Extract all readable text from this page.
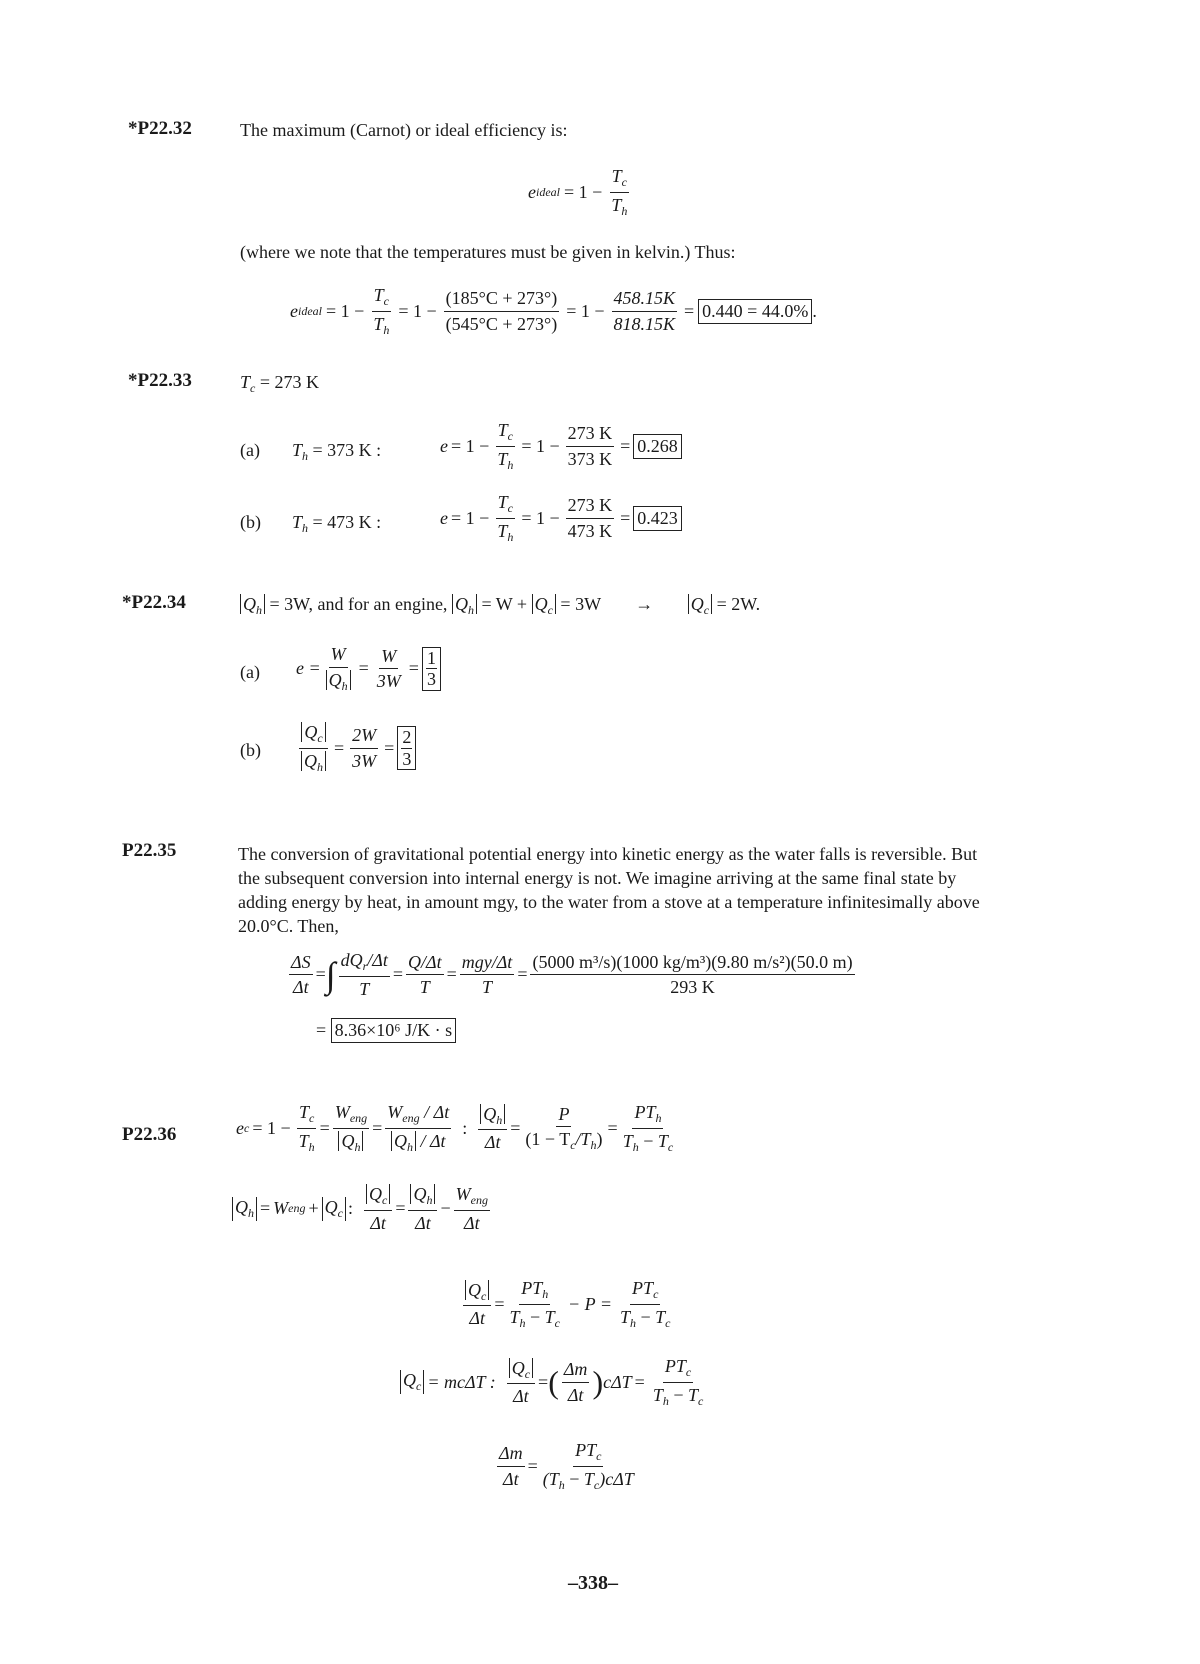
*P22.32	The maximum (Carnot) or ideal efficiency is:
e ideal = $1 - \frac{T_c}{T_h}$
(where we note that the temperatures must be given in kelvin.) Thus:
e ideal = $1 - \frac{T_c}{T_h} = 1 - \frac{(185^\circ C + 273^\circ)}{(545^\circ C + 273^\circ)} = 1 - \frac{458.15K}{818.15K} = 0.440 = 44.0\%$ .
*P22.33	$T_c = 273$ K
(a) $T_h = 373$ K :	$e = 1 - \frac{T_c}{T_h} = 1 - \frac{273 K}{373 K} = 0.268$
(b) $T_h = 473$ K :	$e = 1 - \frac{T_c}{T_h} = 1 - \frac{273 K}{473 K} = 0.423$
*P22.34	$Q_h = 3W$, and for an engine, $Q_h = W + Q_c = 3W \to Q_c = 2W$.
(a) $e = \frac{W}{Q_h} = \frac{W}{3W} = \frac{1}{3}$
$(b) \frac{Q_c}{Q_h} = \frac{2W}{3W} = \frac{2}{3}$
P22.35	The conversion of gravitational potential energy into kinetic energy as the water falls is reversible. But the subsequent conversion into internal energy is not. We imagine arriving at the same final state by adding energy by heat, in amount mgy, to the water from a stove at a temperature infinitesimally above 20.0°C. Then,
$\frac{\Delta S}{\Delta t}$ = ∫ $\frac{dQ_r/\Delta t}{T} = \frac{Q/\Delta t}{T} = \frac{\text{mgy/Δt}}{T} = \frac{\text{(5000 m³/s)(1000 kg/m³)(9.80 m/s²)(50.0 m)}}{293 K}$
= 8.36×10⁶ J/K · s
P22.36	e $c = 1 - \frac{T_c}{T_h} = \frac{W_{eng}}{Q_h} = \frac{W_{eng} / \Delta t}{Q_h / \Delta t}$ : $\frac{Q_h}{\Delta t} = \frac{P}{(1 - T_c/T_h)} = \frac{PT_h}{T_h - T_c}$
$Q_h = W$ eng + $Q_c$ : $\frac{Q_c}{\Delta t} = \frac{Q_h}{\Delta t} - \frac{W_{eng}}{\Delta t}$
$\frac{Q_c}{\Delta t} = \frac{PT_h}{T_h - T_c} - P = \frac{PT_c}{T_h - T_c}$
$Q_c = mc\Delta T$ : $\frac{Q_c}{\Delta t}$ = ( $\frac{\Delta m}{\Delta t}$ ) $c\Delta T = \frac{PT_c}{T_h - T_c}$
$\frac{\Delta m}{\Delta t} = \frac{PT_c}{(T_h - T_c)c\Delta T}$
–338–
